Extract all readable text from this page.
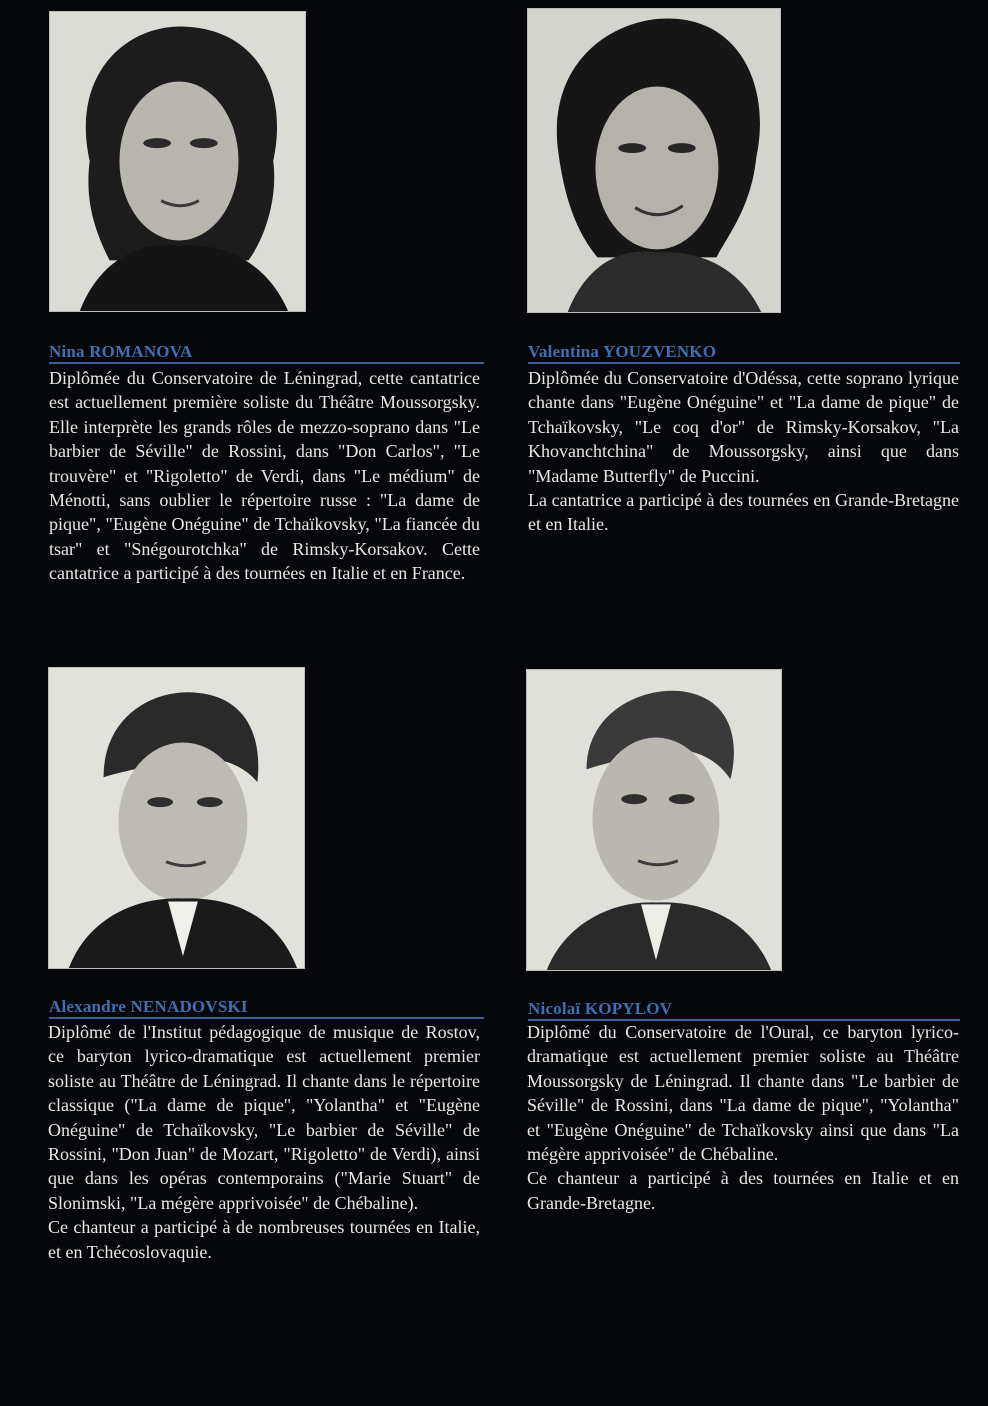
Nina ROMANOVA

Diplômée du Conservatoire de Léningrad, cette cantatrice est actuellement première soliste du Théâtre Moussorgsky. Elle interprète les grands rôles de mezzo-soprano dans "Le barbier de Séville" de Rossini, dans "Don Carlos", "Le trouvère" et "Rigoletto" de Verdi, dans "Le médium" de Ménotti, sans oublier le répertoire russe : "La dame de pique", "Eugène Onéguine" de Tchaïkovsky, "La fiancée du tsar" et "Snégourotchka" de Rimsky-Korsakov. Cette cantatrice a participé à des tournées en Italie et en France.

Valentina YOUZVENKO

Diplômée du Conservatoire d'Odéssa, cette soprano lyrique chante dans "Eugène Onéguine" et "La dame de pique" de Tchaïkovsky, "Le coq d'or" de Rimsky-Korsakov, "La Khovanchtchina" de Moussorgsky, ainsi que dans "Madame Butterfly" de Puccini.

La cantatrice a participé à des tournées en Grande-Bretagne et en Italie.

Alexandre NENADOVSKI

Diplômé de l'Institut pédagogique de musique de Rostov, ce baryton lyrico-dramatique est actuellement premier soliste au Théâtre de Léningrad. Il chante dans le répertoire classique ("La dame de pique", "Yolantha" et "Eugène Onéguine" de Tchaïkovsky, "Le barbier de Séville" de Rossini, "Don Juan" de Mozart, "Rigoletto" de Verdi), ainsi que dans les opéras contemporains ("Marie Stuart" de Slonimski, "La mégère apprivoisée" de Chébaline).

Ce chanteur a participé à de nombreuses tournées en Italie, et en Tchécoslovaquie.

Nicolaï KOPYLOV

Diplômé du Conservatoire de l'Oural, ce baryton lyrico-dramatique est actuellement premier soliste au Théâtre Moussorgsky de Léningrad. Il chante dans "Le barbier de Séville" de Rossini, dans "La dame de pique", "Yolantha" et "Eugène Onéguine" de Tchaïkovsky ainsi que dans "La mégère apprivoisée" de Chébaline.

Ce chanteur a participé à des tournées en Italie et en Grande-Bretagne.
